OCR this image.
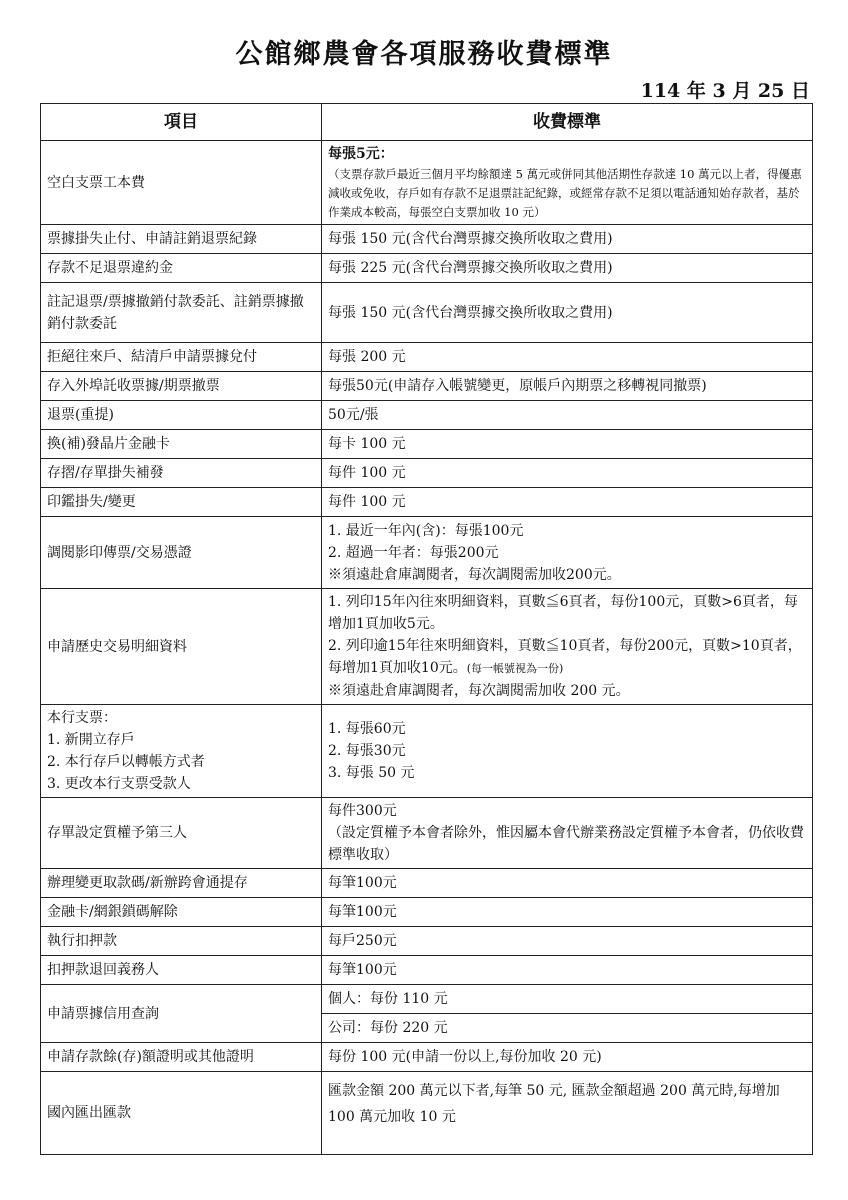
公館鄉農會各項服務收費標準
114 年 3 月 25 日
項目	收費標準
空白支票工本費	每張5元：
（支票存款戶最近三個月平均餘額達 5 萬元或併同其他活期性存款達 10 萬元以上者，得優惠減收或免收，存戶如有存款不足退票註記紀錄，或經常存款不足須以電話通知始存款者，基於作業成本較高，每張空白支票加收 10 元）

票據掛失止付、申請註銷退票紀錄	每張 150 元(含代台灣票據交換所收取之費用)
存款不足退票違約金	每張 225 元(含代台灣票據交換所收取之費用)
註記退票/票據撤銷付款委託、註銷票據撤銷付款委託	每張 150 元(含代台灣票據交換所收取之費用)
拒絕往來戶、結清戶申請票據兌付	每張 200 元
存入外埠託收票據/期票撤票	每張50元(申請存入帳號變更，原帳戶內期票之移轉視同撤票)
退票(重提)	50元/張
換(補)發晶片金融卡	每卡 100 元
存摺/存單掛失補發	每件 100 元
印鑑掛失/變更	每件 100 元
調閱影印傳票/交易憑證	1. 最近一年內(含)：每張100元
2. 超過一年者：每張200元
※須遠赴倉庫調閱者，每次調閱需加收200元。

申請歷史交易明細資料	1. 列印15年內往來明細資料，頁數≦6頁者，每份100元，頁數>6頁者，每增加1頁加收5元。
2. 列印逾15年往來明細資料，頁數≦10頁者，每份200元，頁數>10頁者，每增加1頁加收10元。(每一帳號視為一份)
※須遠赴倉庫調閱者，每次調閱需加收 200 元。

本行支票：
1. 新開立存戶
2. 本行存戶以轉帳方式者
3. 更改本行支票受款人	1. 每張60元
2. 每張30元
3. 每張 50 元

存單設定質權予第三人	每件300元
（設定質權予本會者除外，惟因屬本會代辦業務設定質權予本會者，仍依收費標準收取）

辦理變更取款碼/新辦跨會通提存	每筆100元
金融卡/網銀鎖碼解除	每筆100元
執行扣押款	每戶250元
扣押款退回義務人	每筆100元
申請票據信用查詢	個人：每份 110 元
	公司：每份 220 元
申請存款餘(存)額證明或其他證明	每份 100 元(申請一份以上,每份加收 20 元)
國內匯出匯款	匯款金額 200 萬元以下者,每筆 50 元, 匯款金額超過 200 萬元時,每增加 100 萬元加收 10 元
